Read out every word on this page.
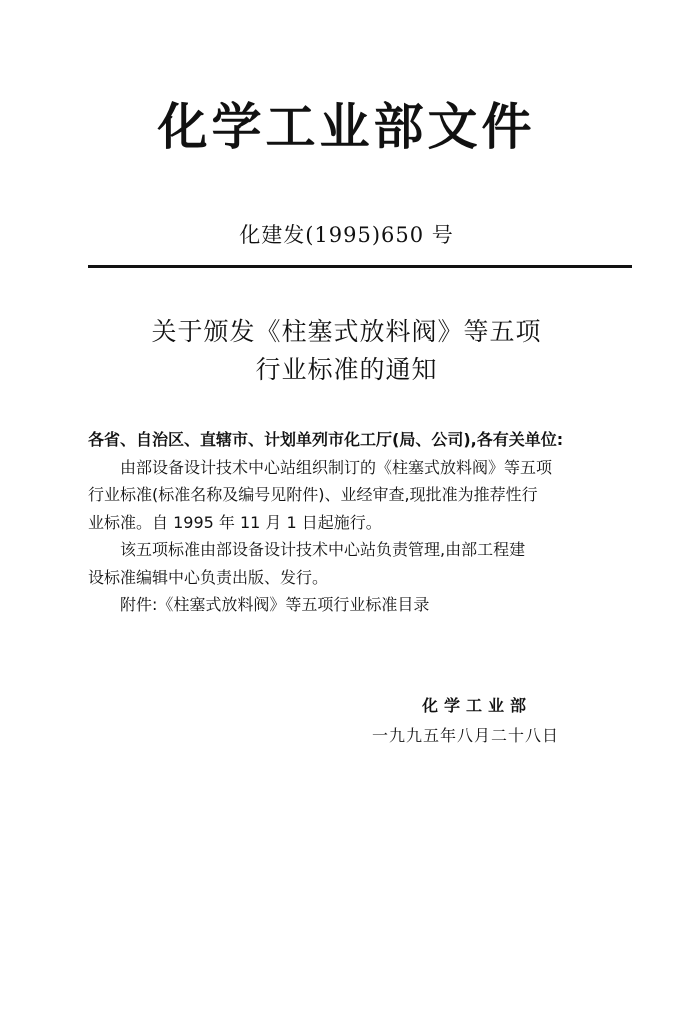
化学工业部文件
化建发(1995)650 号
关于颁发《柱塞式放料阀》等五项
行业标准的通知

各省、自治区、直辖市、计划单列市化工厅(局、公司),各有关单位:

由部设备设计技术中心站组织制订的《柱塞式放料阀》等五项

行业标准(标准名称及编号见附件)、业经审查,现批准为推荐性行

业标准。自 1995 年 11 月 1 日起施行。

该五项标准由部设备设计技术中心站负责管理,由部工程建

设标准编辑中心负责出版、发行。

附件:《柱塞式放料阀》等五项行业标准目录

化学工业部
一九九五年八月二十八日
